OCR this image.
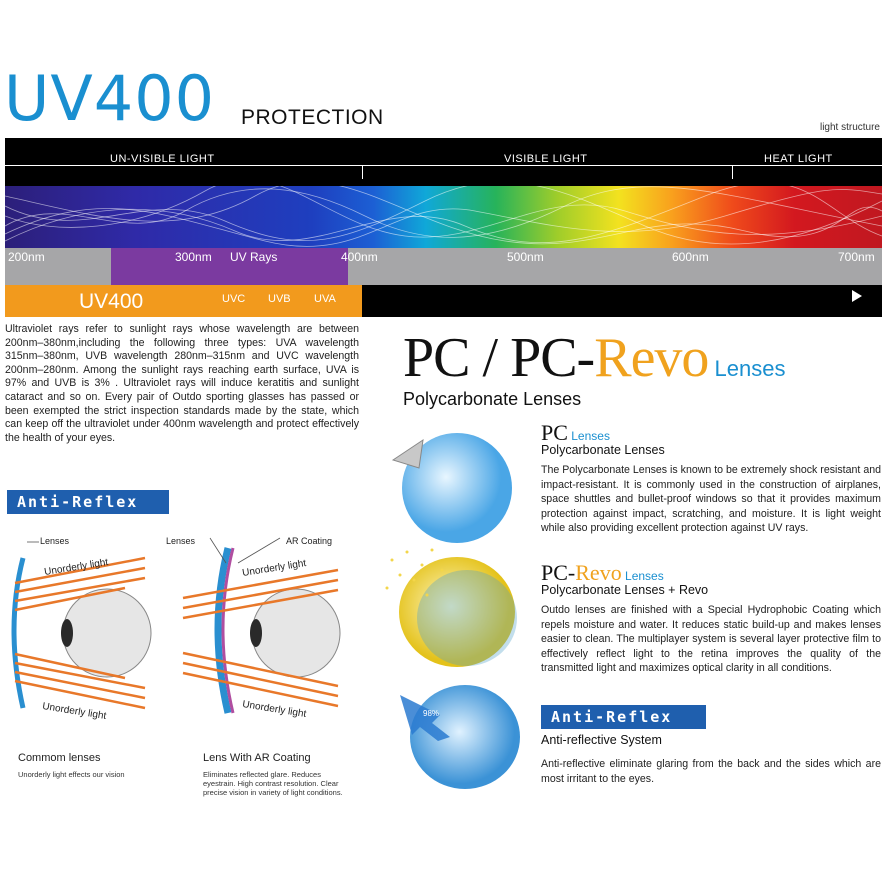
UV400 PROTECTION	light structure
UN-VISIBLE LIGHT	VISIBLE LIGHT	HEAT LIGHT
200nm	300nm UV Rays	400nm	500nm	600nm	700nm
UV400	UVC UVB UVA
Ultraviolet rays refer to sunlight rays whose wavelength are between 200nm–380nm,including the following three types: UVA wavelength 315nm–380nm, UVB wavelength 280nm–315nm and UVC wavelength 200nm–280nm. Among the sunlight rays reaching earth surface, UVA is 97% and UVB is 3% . Ultraviolet rays will induce keratitis and sunlight cataract and so on. Every pair of Outdo sporting glasses has passed or been exempted the strict inspection standards made by the state, which can keep off the ultraviolet under 400nm wavelength and protect effectively the health of your eyes.
Anti-Reflex
Lenses
Unorderly light
Unorderly light
Lenses	AR Coating
Unorderly light
Unorderly light
Commom lenses
Unorderly light effects our vision
Lens With AR Coating
Eliminates reflected glare. Reduces eyestrain. High contrast resolution. Clear precise vision in variety of light conditions.
PC / PC-Revo Lenses
Polycarbonate Lenses
98%
PC Lenses
Polycarbonate Lenses
The Polycarbonate Lenses is known to be extremely shock resistant and impact-resistant. It is commonly used in the construction of airplanes, space shuttles and bullet-proof windows so that it provides maximum protection against impact, scratching, and moisture. It is light weight while also providing excellent protection against UV rays.
PC-Revo Lenses
Polycarbonate Lenses + Revo
Outdo lenses are finished with a Special Hydrophobic Coating which repels moisture and water. It reduces static build-up and makes lenses easier to clean. The multiplayer system is several layer protective film to effectively reflect light to the retina improves the quality of the transmitted light and maximizes optical clarity in all conditions.
Anti-Reflex
Anti-reflective System
Anti-reflective eliminate glaring from the back and the sides which are most irritant to the eyes.
